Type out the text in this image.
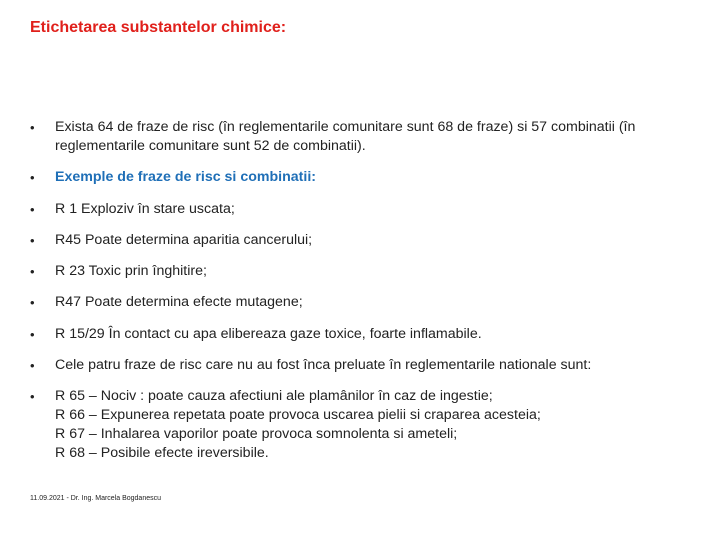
Etichetarea substantelor chimice:
• Exista 64 de fraze de risc (în reglementarile comunitare sunt 68 de fraze) si 57 combinatii (în reglementarile comunitare sunt 52 de combinatii).
• Exemple de fraze de risc si combinatii:
• R 1 Exploziv în stare uscata;
• R45 Poate determina aparitia cancerului;
• R 23 Toxic prin înghitire;
• R47 Poate determina efecte mutagene;
• R 15/29 În contact cu apa elibereaza gaze toxice, foarte inflamabile.
• Cele patru fraze de risc care nu au fost înca preluate în reglementarile nationale sunt:
• R 65 – Nociv : poate cauza afectiuni ale plamânilor în caz de ingestie;
R 66 – Expunerea repetata poate provoca uscarea pielii si craparea acesteia;
R 67 – Inhalarea vaporilor poate provoca somnolenta si ameteli;
R 68 – Posibile efecte ireversibile.
11.09.2021 - Dr. Ing. Marcela Bogdanescu
